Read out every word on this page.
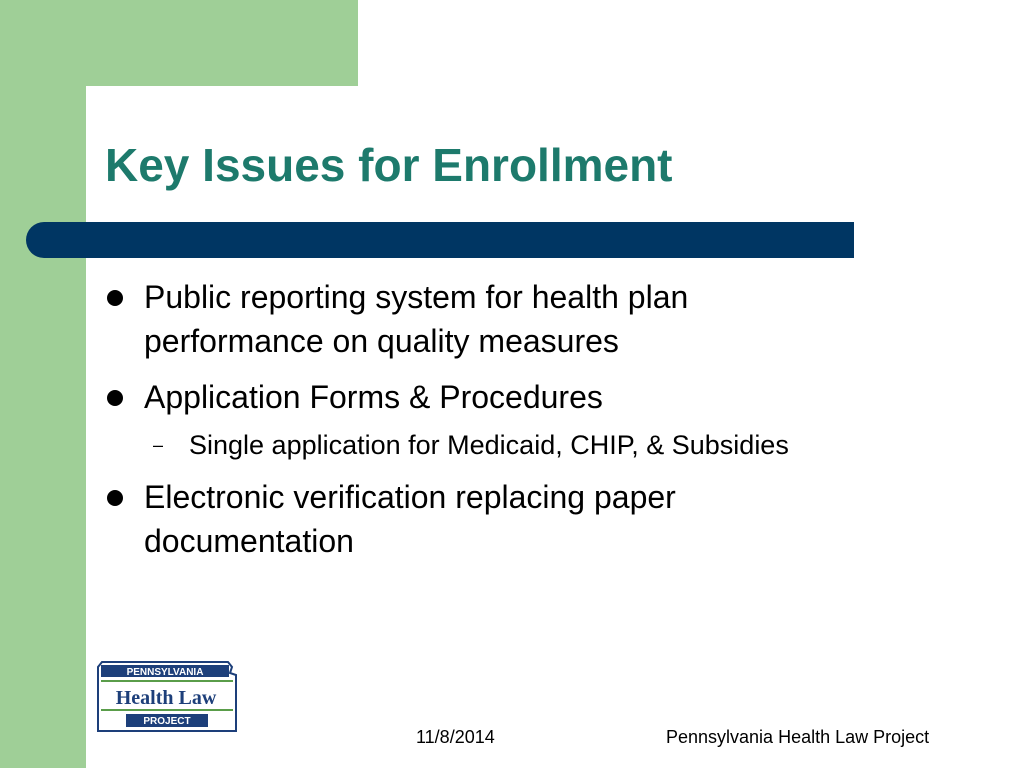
Key Issues for Enrollment
Public reporting system for health plan performance on quality measures
Application Forms & Procedures
– Single application for Medicaid, CHIP, & Subsidies
Electronic verification replacing paper documentation
PENNSYLVANIA
Health Law
PROJECT
11/8/2014	Pennsylvania Health Law Project
